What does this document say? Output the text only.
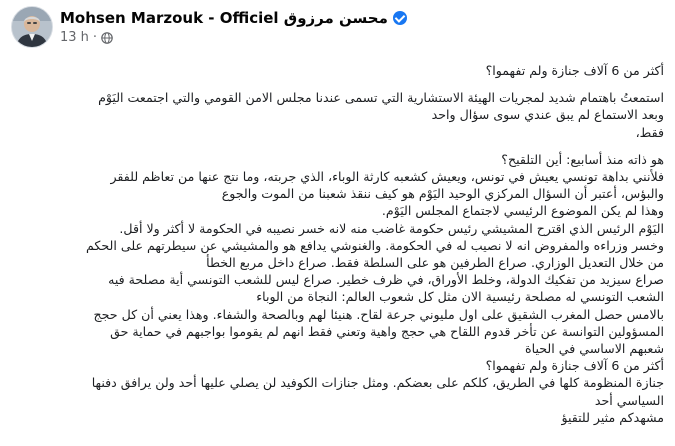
Mohsen Marzouk - Officiel محسن مرزوق
13 h ·

أكثر من 6 آلاف جنازة ولم تفهموا؟

استمعتُ باهتمام شديد لمجريات الهيئة الاستشارية التي تسمى عندنا مجلس الامن القومي والتي اجتمعت اليَوْم

وبعد الاستماع لم يبق عندي سوى سؤال واحد

فقط،

هو ذاته منذ أسابيع: أين التلقيح؟

فلأنني بداهة تونسي يعيش في تونس، ويعيش كشعبه كارثة الوباء، الذي جربته، وما نتج عنها من تعاظم للفقر

والبؤس، أعتبر أن السؤال المركزي الوحيد اليَوْم هو كيف ننقذ شعبنا من الموت والجوع

وهذا لم يكن الموضوع الرئيسي لاجتماع المجلس اليَوْم.

اليَوْم الرئيس الذي اقترح المشيشي رئيس حكومة غاضب منه لانه خسر نصيبه في الحكومة لا أكثر ولا أقل.

وخسر وزراءه والمفروض انه لا نصيب له في الحكومة. والغنوشي يدافع هو والمشيشي عن سيطرتهم على الحكم

من خلال التعديل الوزاري. صراع الطرفين هو على السلطة فقط. صراع داخل مربع الخطأ

صراع سيزيد من تفكيك الدولة، وخلط الأوراق، في ظرف خطير. صراع ليس للشعب التونسي أية مصلحة فيه

الشعب التونسي له مصلحة رئيسية الان مثل كل شعوب العالم: النجاة من الوباء

بالامس حصل المغرب الشقيق على اول مليوني جرعة لقاح. هنيئا لهم وبالصحة والشفاء. وهذا يعني أن كل حجج

المسؤولين التوانسة عن تأخر قدوم اللقاح هي حجج واهية وتعني فقط انهم لم يقوموا بواجبهم في حماية حق

شعبهم الاساسي في الحياة

أكثر من 6 آلاف جنازة ولم تفهموا؟

جنازة المنظومة كلها في الطريق، كلكم على بعضكم. ومثل جنازات الكوفيد لن يصلي عليها أحد ولن يرافق دفنها

السياسي أحد

مشهدكم مثير للتقيؤ
